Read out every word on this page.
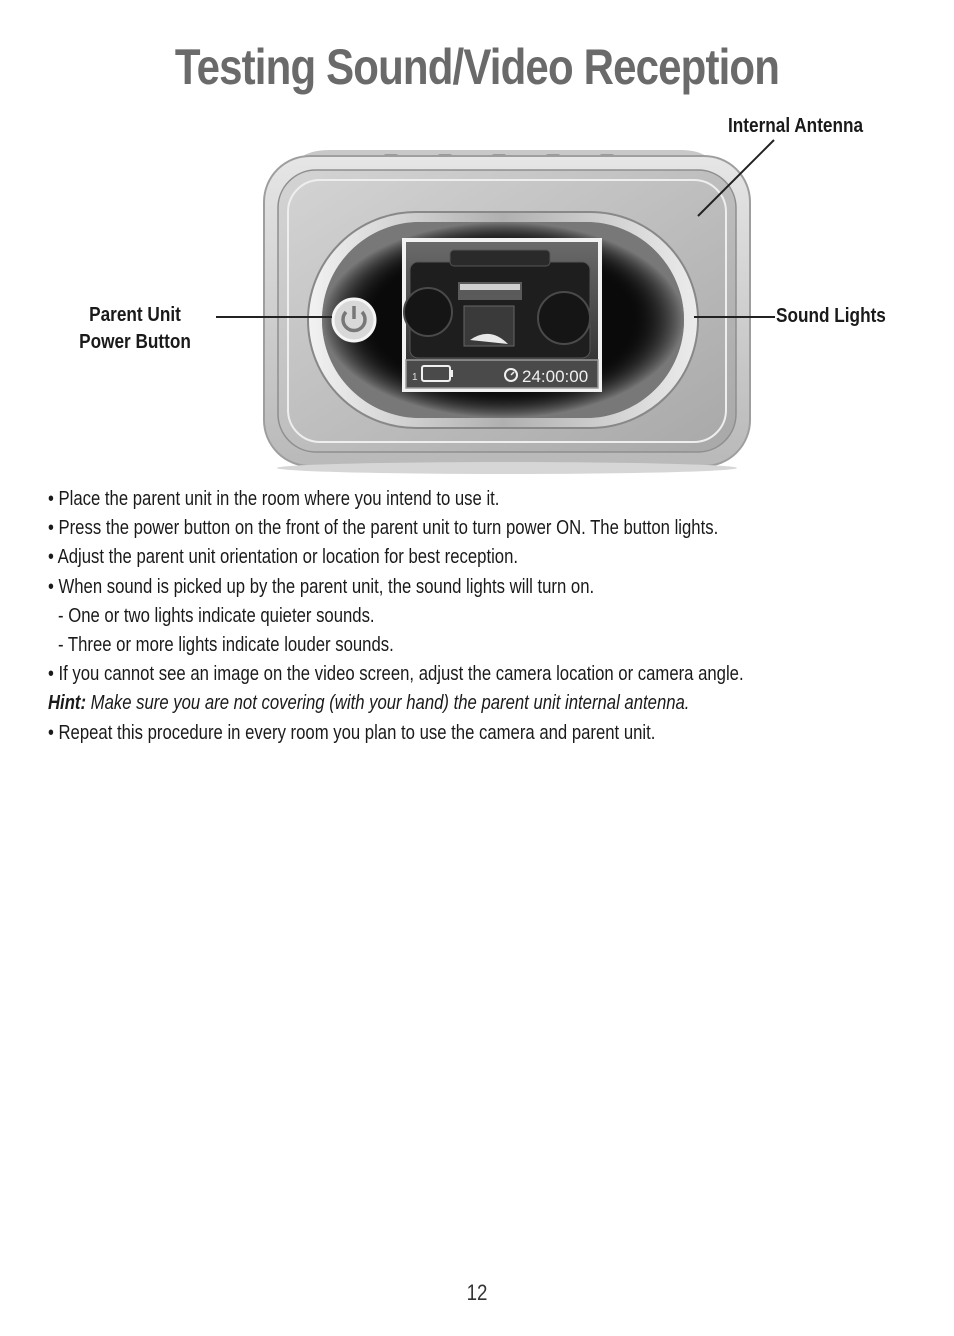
Testing Sound/Video Reception
1	24:00:00
Internal Antenna
Parent Unit
Power Button
Sound Lights
• Place the parent unit in the room where you intend to use it.
• Press the power button on the front of the parent unit to turn power ON. The button lights.
• Adjust the parent unit orientation or location for best reception.
• When sound is picked up by the parent unit, the sound lights will turn on.
- One or two lights indicate quieter sounds.
- Three or more lights indicate louder sounds.
• If you cannot see an image on the video screen, adjust the camera location or camera angle.
Hint: Make sure you are not covering (with your hand) the parent unit internal antenna.
• Repeat this procedure in every room you plan to use the camera and parent unit.
12
